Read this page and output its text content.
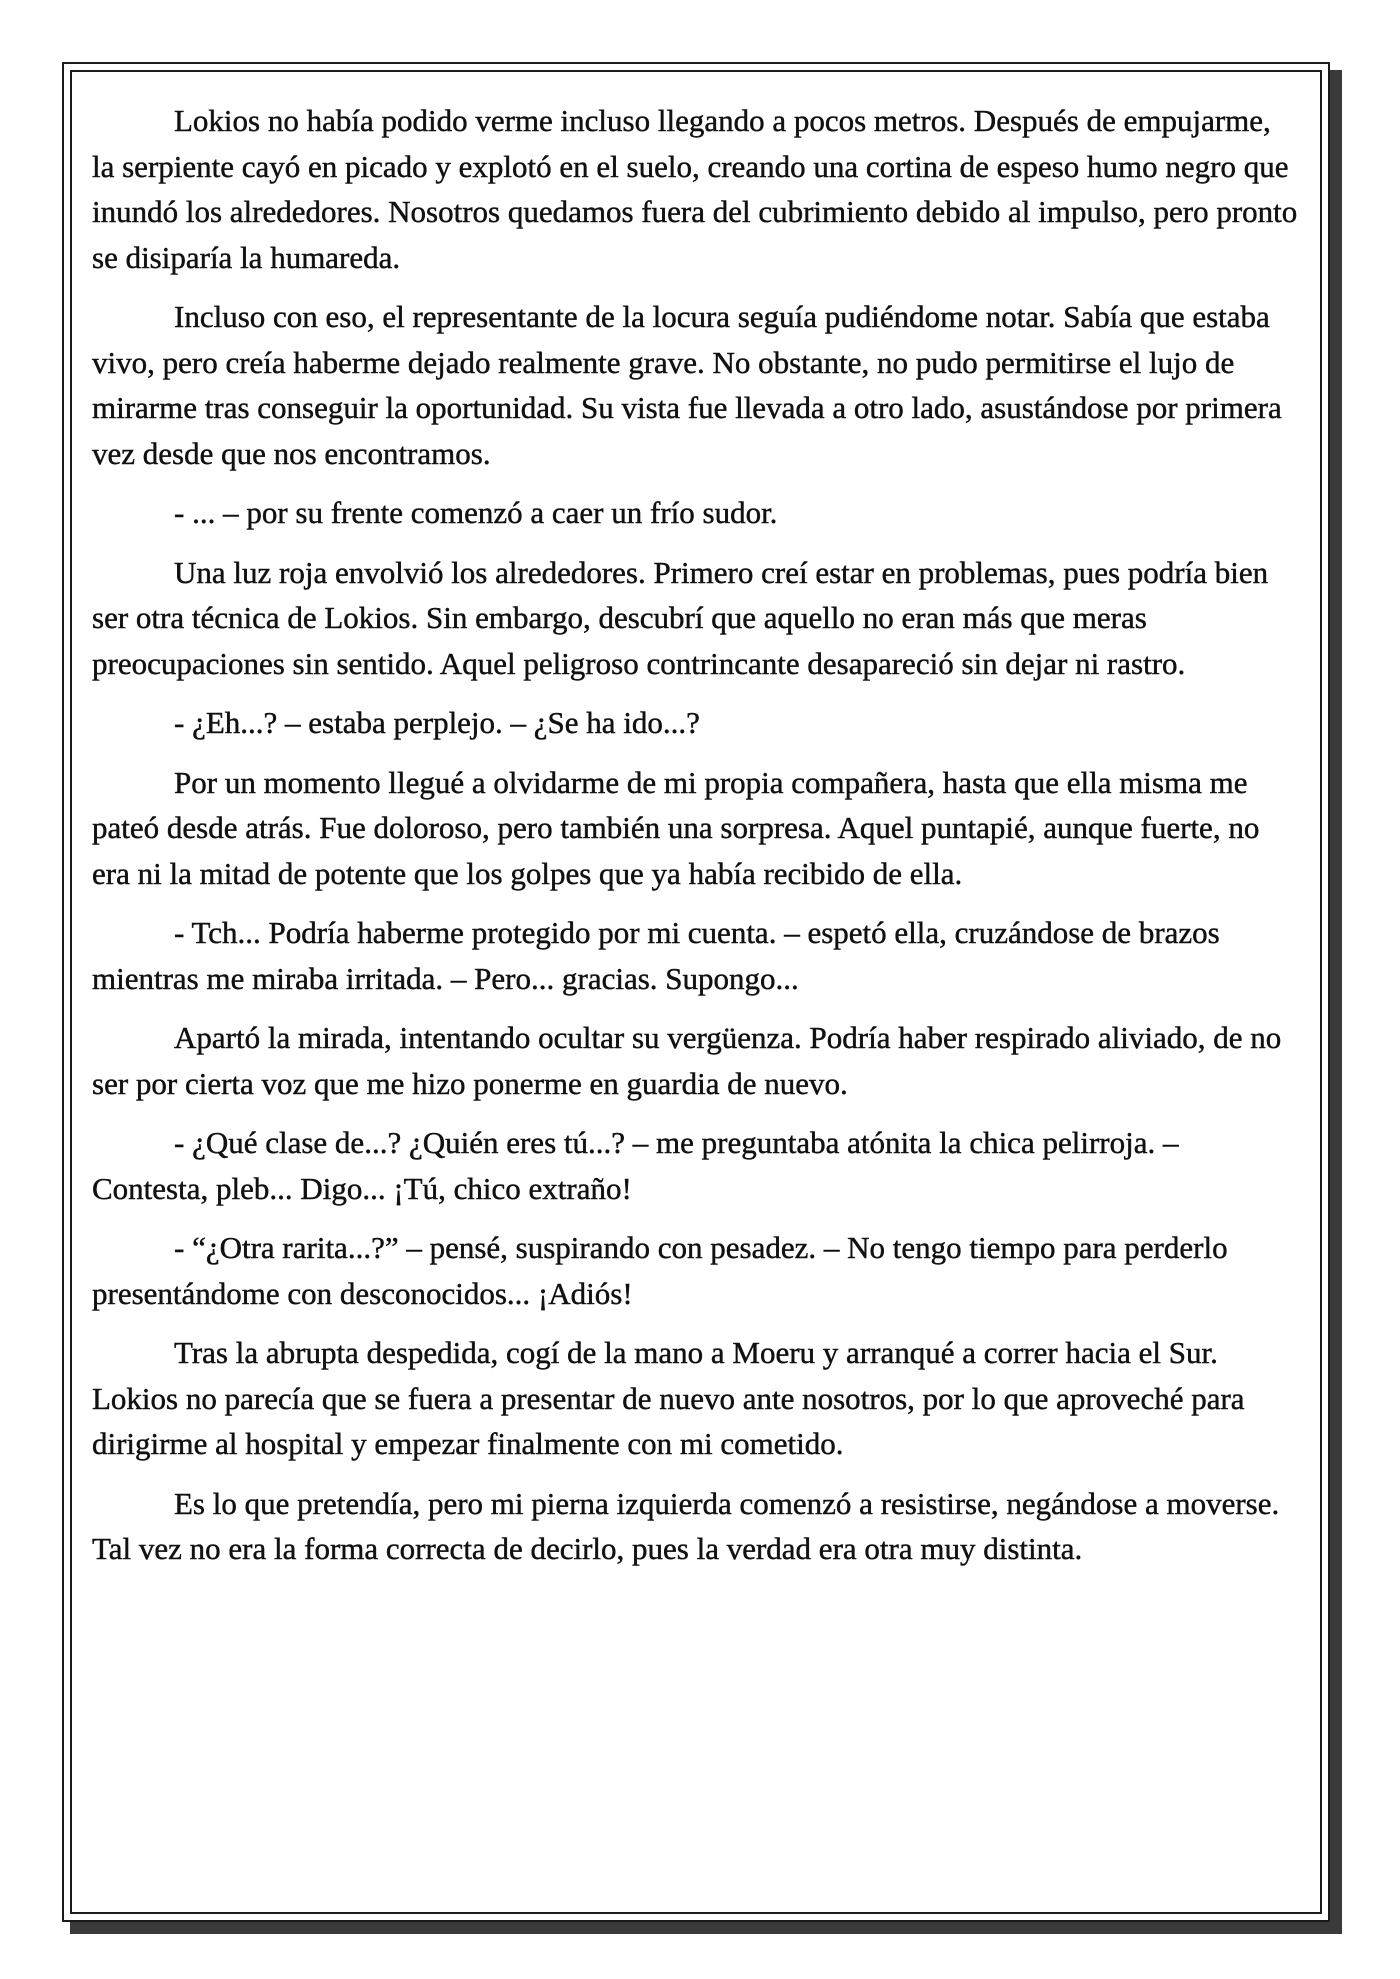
Lokios no había podido verme incluso llegando a pocos metros. Después de empujarme, la serpiente cayó en picado y explotó en el suelo, creando una cortina de espeso humo negro que inundó los alrededores. Nosotros quedamos fuera del cubrimiento debido al impulso, pero pronto se disiparía la humareda.

Incluso con eso, el representante de la locura seguía pudiéndome notar. Sabía que estaba vivo, pero creía haberme dejado realmente grave. No obstante, no pudo permitirse el lujo de mirarme tras conseguir la oportunidad. Su vista fue llevada a otro lado, asustándose por primera vez desde que nos encontramos.

- ... – por su frente comenzó a caer un frío sudor.

Una luz roja envolvió los alrededores. Primero creí estar en problemas, pues podría bien ser otra técnica de Lokios. Sin embargo, descubrí que aquello no eran más que meras preocupaciones sin sentido. Aquel peligroso contrincante desapareció sin dejar ni rastro.

- ¿Eh...? – estaba perplejo. – ¿Se ha ido...?

Por un momento llegué a olvidarme de mi propia compañera, hasta que ella misma me pateó desde atrás. Fue doloroso, pero también una sorpresa. Aquel puntapié, aunque fuerte, no era ni la mitad de potente que los golpes que ya había recibido de ella.

- Tch... Podría haberme protegido por mi cuenta. – espetó ella, cruzándose de brazos mientras me miraba irritada. – Pero... gracias. Supongo...

Apartó la mirada, intentando ocultar su vergüenza. Podría haber respirado aliviado, de no ser por cierta voz que me hizo ponerme en guardia de nuevo.

- ¿Qué clase de...? ¿Quién eres tú...? – me preguntaba atónita la chica pelirroja. – Contesta, pleb... Digo... ¡Tú, chico extraño!

- “¿Otra rarita...?” – pensé, suspirando con pesadez. – No tengo tiempo para perderlo presentándome con desconocidos... ¡Adiós!

Tras la abrupta despedida, cogí de la mano a Moeru y arranqué a correr hacia el Sur. Lokios no parecía que se fuera a presentar de nuevo ante nosotros, por lo que aproveché para dirigirme al hospital y empezar finalmente con mi cometido.

Es lo que pretendía, pero mi pierna izquierda comenzó a resistirse, negándose a moverse. Tal vez no era la forma correcta de decirlo, pues la verdad era otra muy distinta.
